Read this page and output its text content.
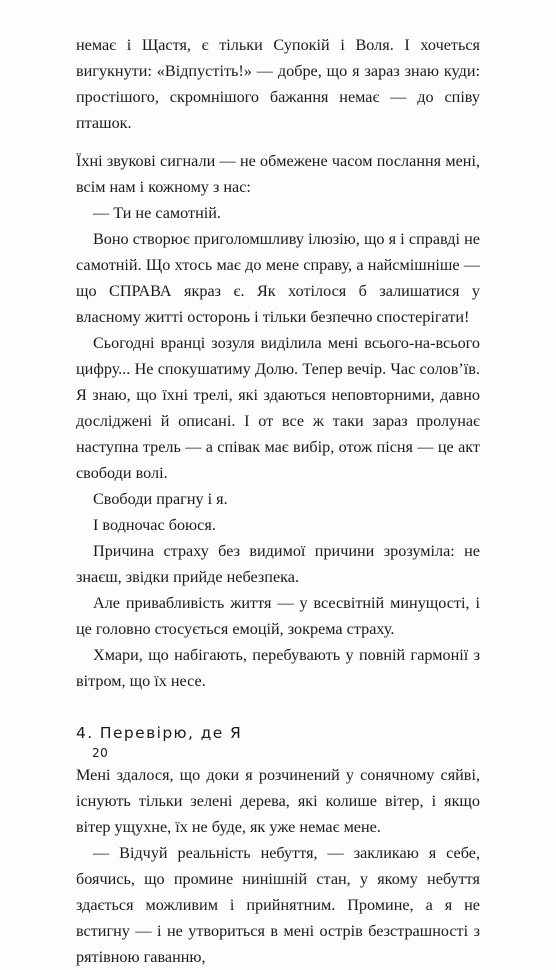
немає і Щастя, є тільки Супокій і Воля. І хочеться вигукнути: «Відпустіть!» — добре, що я зараз знаю куди: простішого, скромнішого бажання немає — до співу пташок.

Їхні звукові сигнали — не обмежене часом послання мені, всім нам і кожному з нас:

— Ти не самотній.

Воно створює приголомшливу ілюзію, що я і справді не самотній. Що хтось має до мене справу, а найсмішніше — що СПРАВА якраз є. Як хотілося б залишатися у власному житті осторонь і тільки безпечно спостерігати!

Сьогодні вранці зозуля виділила мені всього-на-всього цифру... Не спокушатиму Долю. Тепер вечір. Час солов’їв. Я знаю, що їхні трелі, які здаються неповторними, давно досліджені й описані. І от все ж таки зараз пролунає наступна трель — а співак має вибір, отож пісня — це акт свободи волі.

Свободи прагну і я.

І водночас боюся.

Причина страху без видимої причини зрозуміла: не знаєш, звідки прийде небезпека.

Але привабливість життя — у всесвітній минущості, і це головно стосується емоцій, зокрема страху.

Хмари, що набігають, перебувають у повній гармонії з вітром, що їх несе.

4. Перевірю, де Я

Мені здалося, що доки я розчинений у сонячному сяйві, існують тільки зелені дерева, які колише вітер, і якщо вітер ущухне, їх не буде, як уже немає мене.

— Відчуй реальність небуття, — закликаю я себе, боячись, що промине нинішній стан, у якому небуття здається можливим і прийнятним. Промине, а я не встигну — і не утвориться в мені острів безстрашності з рятівною гаванню,

20
